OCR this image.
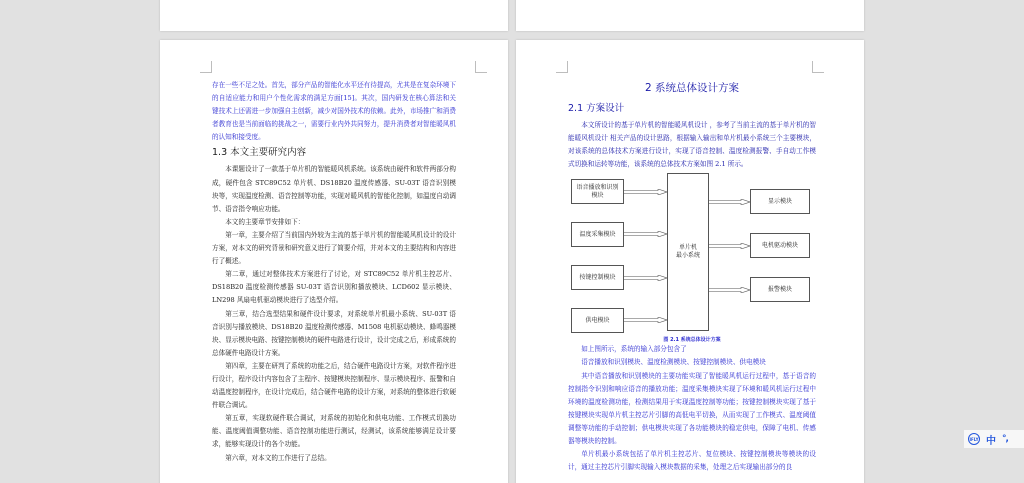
存在一些不足之处。首先，部分产品的智能化水平还有待提高，尤其是在复杂环境下的自适应能力和用户个性化需求的满足方面[15]。其次，国内研发在核心算法和关键技术上还需进一步加强自主创新，减少对国外技术的依赖。此外，市场推广和消费者教育也是当前面临的挑战之一，需要行业内外共同努力，提升消费者对智能暖风机的认知和接受度。

1.3 本文主要研究内容

本课题设计了一款基于单片机的智能暖风机系统。该系统由硬件和软件两部分构成，硬件包含 STC89C52 单片机、DS18B20 温度传感器、SU-03T 语音识别模块等，实现温度检测、语音控制等功能，实现对暖风机的智能化控制，如温度自动调节、语音指令响应功能。

本文的主要章节安排如下：

第一章，主要介绍了当前国内外较为主流的基于单片机的智能暖风机设计的设计方案，对本文的研究背景和研究意义进行了简要介绍，并对本文的主要结构和内容进行了概述。

第二章，通过对整体技术方案进行了讨论，对 STC89C52 单片机主控芯片、DS18B20 温度检测传感器 SU-03T 语音识别和播放模块、LCD602 显示模块、LN298 风扇电机驱动模块进行了选型介绍。

第三章，结合选型结果和硬件设计要求，对系统单片机最小系统、SU-03T 语音识别与播放模块、DS18B20 温度检测传感器、M1508 电机驱动模块、蜂鸣器模块、显示模块电路、按键控制模块的硬件电路进行设计，设计完成之后，形成系统的总体硬件电路设计方案。

第四章，主要在研判了系统的功能之后，结合硬件电路设计方案，对软件程序进行设计，程序设计内容包含了主程序、按键模块控制程序、显示模块程序、报警和自动温度控制程序，在设计完成后，结合硬件电路的设计方案，对系统的整体进行软硬件联合调试。

第五章，实现软硬件联合调试，对系统的初始化和供电功能、工作模式切换功能、温度阈值调整功能、语音控制功能进行测试，经测试，该系统能够满足设计要求，能够实现设计的各个功能。

第六章，对本文的工作进行了总结。

2 系统总体设计方案
2.1 方案设计

本文所设计的基于单片机的智能暖风机设计 ，参考了当前主流的基于单片机的智能暖风机设计 相关产品的设计思路，根据输入输出和单片机最小系统三个主要模块，对该系统的总体技术方案进行设计，实现了语音控制、温度检测报警、手自动工作模式切换和运转等功能，该系统的总体技术方案如图 2.1 所示。

语音播放和识别模块
温度采集模块
按键控制模块
供电模块
单片机
最小系统
显示模块
电机驱动模块
报警模块
图 2.1 系统总体设计方案

如上图所示，系统的输入部分包含了

语音播放和识别模块、温度检测模块、按键控制模块、供电模块

其中语音播放和识别模块的主要功能实现了智能暖风机运行过程中，基于语音的控制指令识别和响应语音的播放功能；温度采集模块实现了环境和暖风机运行过程中环境的温度检测功能，检测结果用于实现温度控制等功能；按键控制模块实现了基于按键模块实现单片机主控芯片引脚的高低电平切换，从而实现了工作模式、温度阈值调整等功能的手动控制；供电模块实现了各功能模块的稳定供电，保障了电机、传感器等模块的控制。

单片机最小系统包括了单片机主控芯片、复位模块、按键控制模块等模块的设计，通过主控芯片引脚实现输入模块数据的采集，处理之后实现输出部分的良

IFLY 中 °,
